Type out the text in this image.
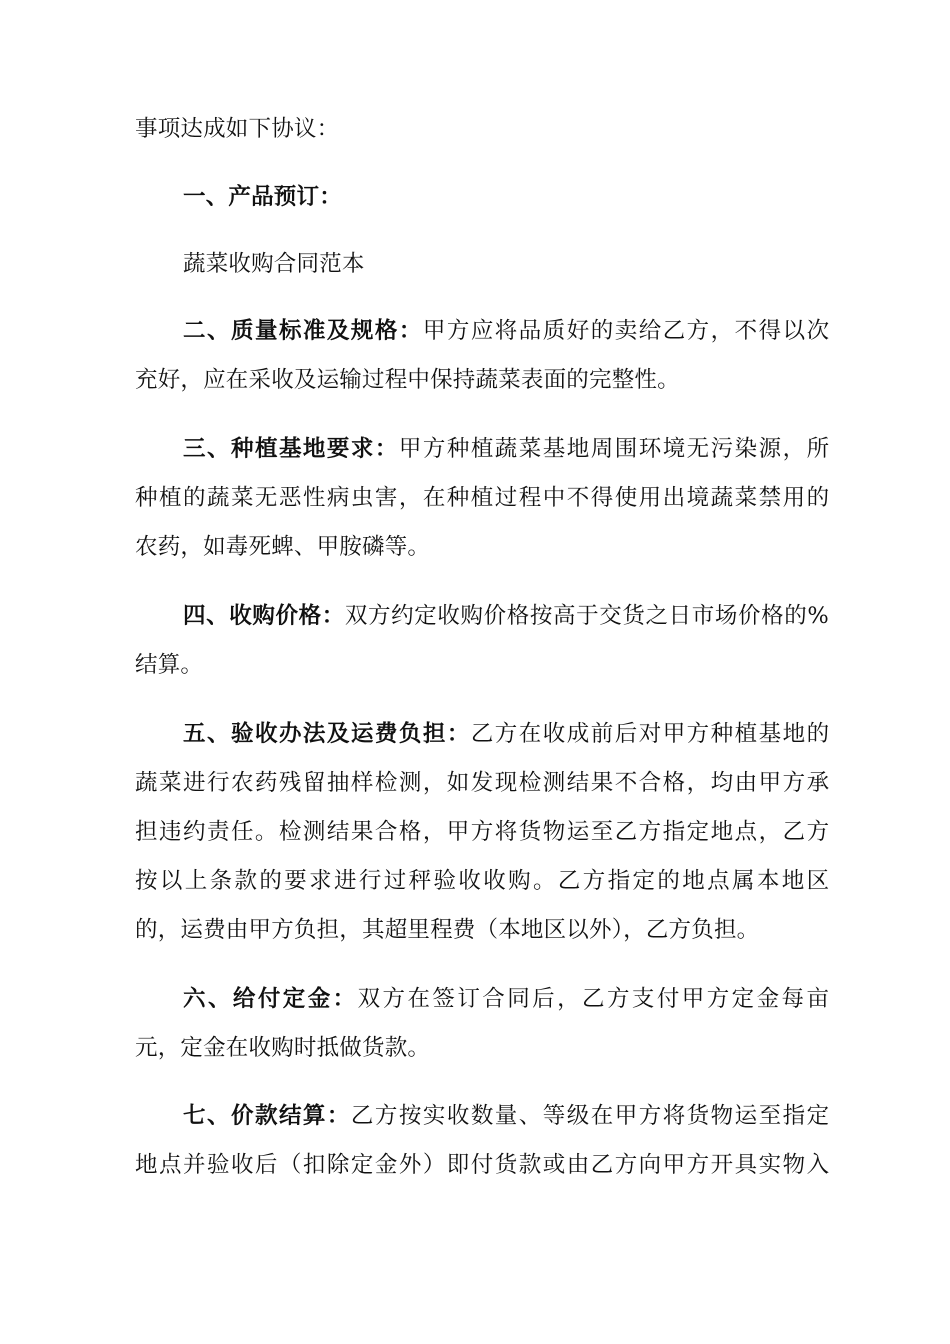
事项达成如下协议：
一、产品预订：
蔬菜收购合同范本
二​、​质​量​标​准​及​规​格​：​甲​方​应​将​品​质​好​的​卖​给​乙​方​，​不​得​以​次​
充好，应在采收及运输过程中保持蔬菜表面的完整性。
三​、​种​植​基​地​要​求​：​甲​方​种​植​蔬​菜​基​地​周​围​环​境​无​污​染​源​，​所​
种​植​的​蔬​菜​无​恶​性​病​虫​害​，​在​种​植​过​程​中​不​得​使​用​出​境​蔬​菜​禁​用​的​
农药，如毒死蜱、甲胺磷等。
四​、​收​购​价​格​：​双​方​约​定​收​购​价​格​按​高​于​交​货​之​日​市​场​价​格​的​%​
结算。
五​、​验​收​办​法​及​运​费​负​担​：​乙​方​在​收​成​前​后​对​甲​方​种​植​基​地​的​
蔬​菜​进​行​农​药​残​留​抽​样​检​测​，​如​发​现​检​测​结​果​不​合​格​，​均​由​甲​方​承​
担​违​约​责​任​。​检​测​结​果​合​格​，​甲​方​将​货​物​运​至​乙​方​指​定​地​点​，​乙​方​
按​以​上​条​款​的​要​求​进​行​过​秤​验​收​收​购​。​乙​方​指​定​的​地​点​属​本​地​区​
的，运费由甲方负担，其超里程费（本地区以外），乙方负担。
六​、​给​付​定​金​：​双​方​在​签​订​合​同​后​，​乙​方​支​付​甲​方​定​金​每​亩​
元，定金在收购时抵做货款。
七​、​价​款​结​算​：​乙​方​按​实​收​数​量​、​等​级​在​甲​方​将​货​物​运​至​指​定​
地​点​并​验​收​后​（​扣​除​定​金​外​）​即​付​货​款​或​由​乙​方​向​甲​方​开​具​实​物​入​
